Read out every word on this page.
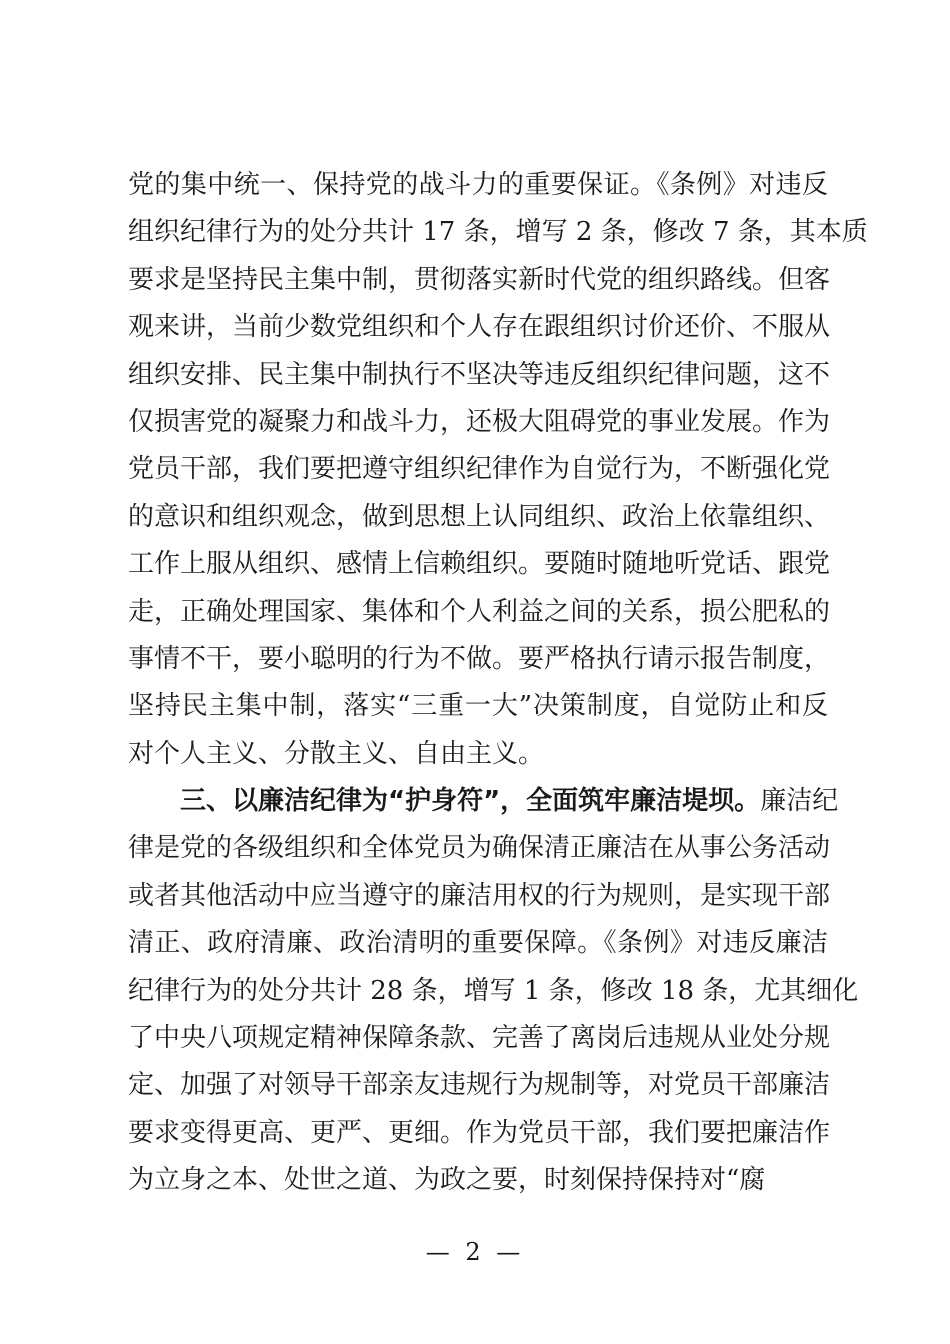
党的集中统一、保持党的战斗力的重要保证。《条例》对违反
组织纪律行为的处分共计 17 条，增写 2 条，修改 7 条，其本质
要求是坚持民主集中制，贯彻落实新时代党的组织路线。但客
观来讲，当前少数党组织和个人存在跟组织讨价还价、不服从
组织安排、民主集中制执行不坚决等违反组织纪律问题，这不
仅损害党的凝聚力和战斗力，还极大阻碍党的事业发展。作为
党员干部，我们要把遵守组织纪律作为自觉行为，不断强化党
的意识和组织观念，做到思想上认同组织、政治上依靠组织、
工作上服从组织、感情上信赖组织。要随时随地听党话、跟党
走，正确处理国家、集体和个人利益之间的关系，损公肥私的
事情不干，要小聪明的行为不做。要严格执行请示报告制度，
坚持民主集中制，落实“三重一大”决策制度，自觉防止和反
对个人主义、分散主义、自由主义。
三、以廉洁纪律为“护身符”，全面筑牢廉洁堤坝。廉洁纪
律是党的各级组织和全体党员为确保清正廉洁在从事公务活动
或者其他活动中应当遵守的廉洁用权的行为规则，是实现干部
清正、政府清廉、政治清明的重要保障。《条例》对违反廉洁
纪律行为的处分共计 28 条，增写 1 条，修改 18 条，尤其细化
了中央八项规定精神保障条款、完善了离岗后违规从业处分规
定、加强了对领导干部亲友违规行为规制等，对党员干部廉洁
要求变得更高、更严、更细。作为党员干部，我们要把廉洁作
为立身之本、处世之道、为政之要，时刻保持保持对“腐
— 2 —
